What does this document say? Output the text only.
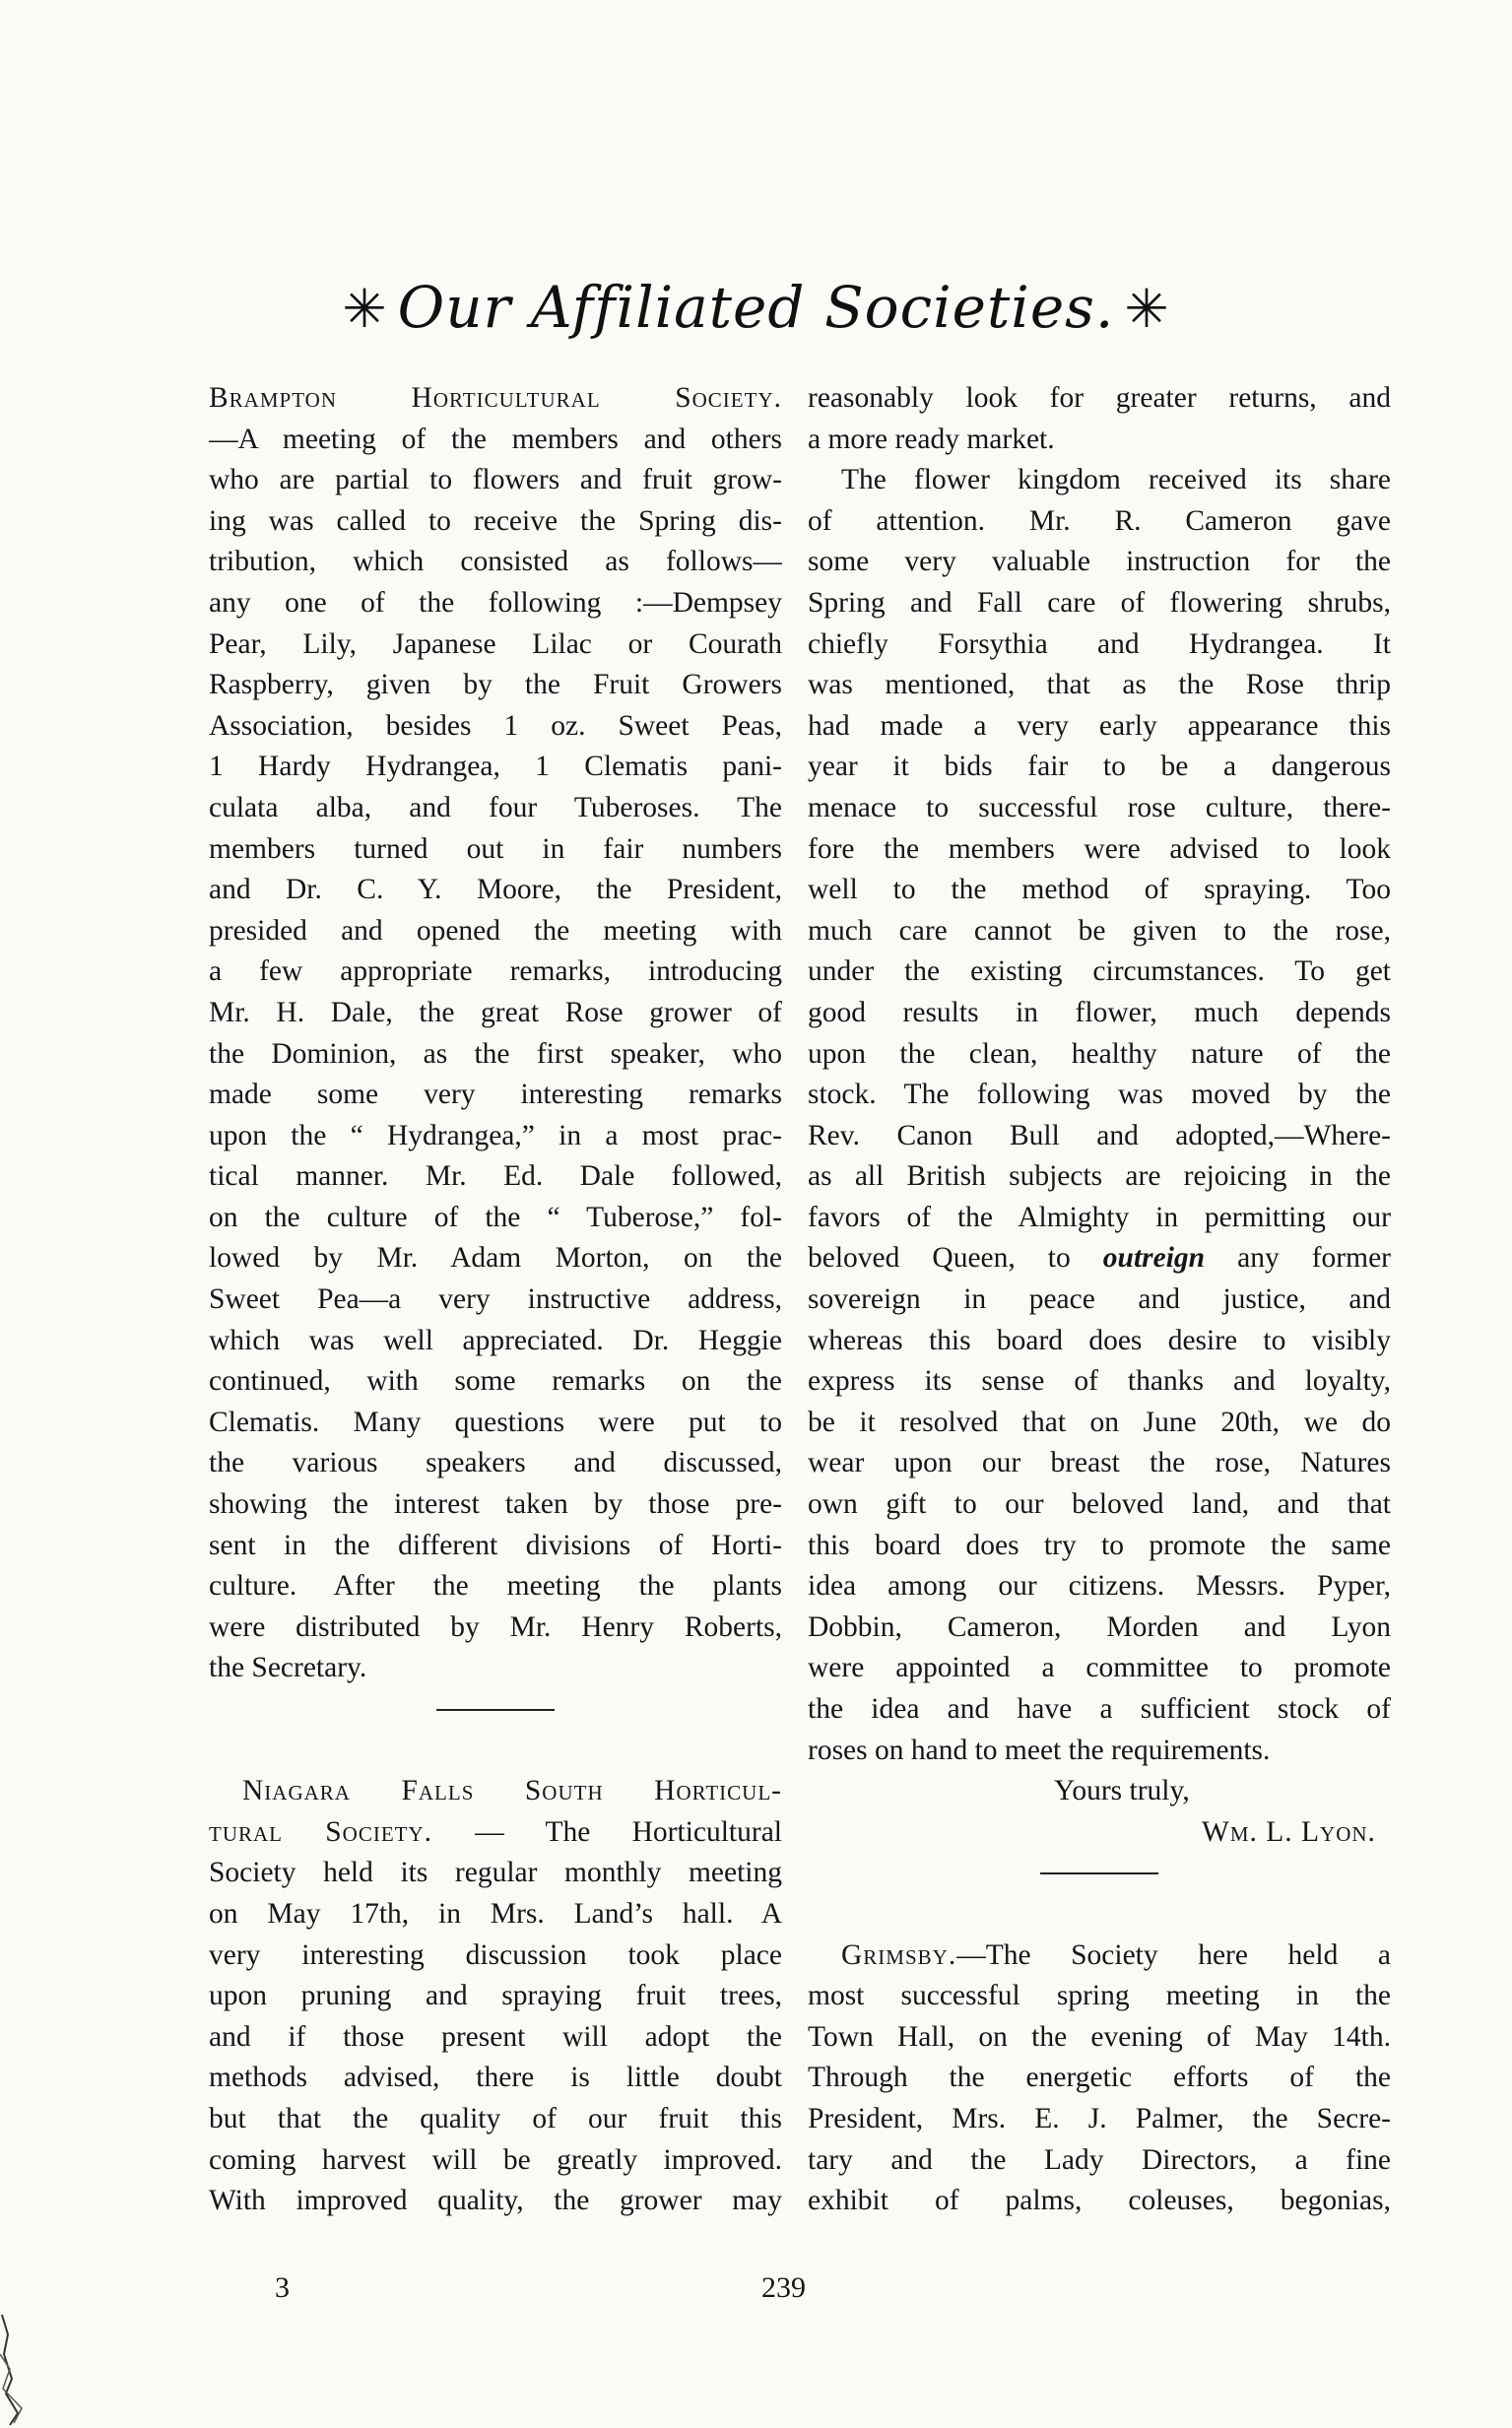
✳ Our Affiliated Societies. ✳
Brampton Horticultural Society.
—A meeting of the members and others
who are partial to flowers and fruit grow-
ing was called to receive the Spring dis-
tribution, which consisted as follows—
any one of the following :—Dempsey
Pear, Lily, Japanese Lilac or Courath
Raspberry, given by the Fruit Growers
Association, besides 1 oz. Sweet Peas,
1 Hardy Hydrangea, 1 Clematis pani-
culata alba, and four Tuberoses. The
members turned out in fair numbers
and Dr. C. Y. Moore, the President,
presided and opened the meeting with
a few appropriate remarks, introducing
Mr. H. Dale, the great Rose grower of
the Dominion, as the first speaker, who
made some very interesting remarks
upon the “ Hydrangea,” in a most prac-
tical manner. Mr. Ed. Dale followed,
on the culture of the “ Tuberose,” fol-
lowed by Mr. Adam Morton, on the
Sweet Pea—a very instructive address,
which was well appreciated. Dr. Heggie
continued, with some remarks on the
Clematis. Many questions were put to
the various speakers and discussed,
showing the interest taken by those pre-
sent in the different divisions of Horti-
culture. After the meeting the plants
were distributed by Mr. Henry Roberts,
the Secretary.
Niagara Falls South Horticul-
tural Society. — The Horticultural
Society held its regular monthly meeting
on May 17th, in Mrs. Land’s hall. A
very interesting discussion took place
upon pruning and spraying fruit trees,
and if those present will adopt the
methods advised, there is little doubt
but that the quality of our fruit this
coming harvest will be greatly improved.
With improved quality, the grower may
reasonably look for greater returns, and
a more ready market.
The flower kingdom received its share
of attention. Mr. R. Cameron gave
some very valuable instruction for the
Spring and Fall care of flowering shrubs,
chiefly Forsythia and Hydrangea. It
was mentioned, that as the Rose thrip
had made a very early appearance this
year it bids fair to be a dangerous
menace to successful rose culture, there-
fore the members were advised to look
well to the method of spraying. Too
much care cannot be given to the rose,
under the existing circumstances. To get
good results in flower, much depends
upon the clean, healthy nature of the
stock. The following was moved by the
Rev. Canon Bull and adopted,—Where-
as all British subjects are rejoicing in the
favors of the Almighty in permitting our
beloved Queen, to outreign any former
sovereign in peace and justice, and
whereas this board does desire to visibly
express its sense of thanks and loyalty,
be it resolved that on June 20th, we do
wear upon our breast the rose, Natures
own gift to our beloved land, and that
this board does try to promote the same
idea among our citizens. Messrs. Pyper,
Dobbin, Cameron, Morden and Lyon
were appointed a committee to promote
the idea and have a sufficient stock of
roses on hand to meet the requirements.
Yours truly,
Wm. L. Lyon.
Grimsby.—The Society here held a
most successful spring meeting in the
Town Hall, on the evening of May 14th.
Through the energetic efforts of the
President, Mrs. E. J. Palmer, the Secre-
tary and the Lady Directors, a fine
exhibit of palms, coleuses, begonias,
3	239
